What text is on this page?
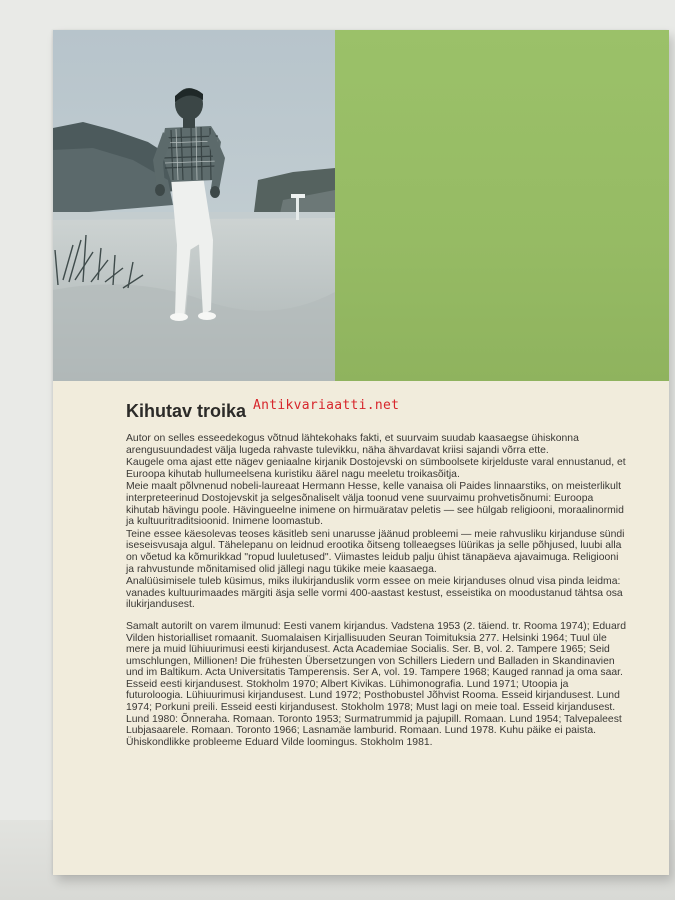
Kihutav troika Antikvariaatti.net

Autor on selles esseedekogus võtnud lähtekohaks fakti, et suurvaim suudab kaasaegse ühiskonna arengusuundadest välja lugeda rahvaste tulevikku, näha ähvardavat kriisi sajandi võrra ette.

Kaugele oma ajast ette nägev geniaalne kirjanik Dostojevski on sümboolsete kirjelduste varal ennustanud, et Euroopa kihutab hullumeelsena kuristiku äärel nagu meeletu troikasõitja.

Meie maalt põlvnenud nobeli-laureaat Hermann Hesse, kelle vanaisa oli Paides linnaarstiks, on meisterlikult interpreteerinud Dostojevskit ja selgesõnaliselt välja toonud vene suurvaimu prohvetisõnumi: Euroopa kihutab hävingu poole. Hävingueelne inimene on hirmuäratav peletis — see hülgab religiooni, moraalinormid ja kultuuritraditsioonid. Inimene loomastub.

Teine essee käesolevas teoses käsitleb seni unarusse jäänud probleemi — meie rahvusliku kirjanduse sündi iseseisvusaja algul. Tähelepanu on leidnud erootika õitseng tolleaegses lüürikas ja selle põhjused, luubi alla on võetud ka kõmurikkad "ropud luuletused". Viimastes leidub palju ühist tänapäeva ajavaimuga. Religiooni ja rahvustunde mõnitamised olid jällegi nagu tükike meie kaasaega.

Analüüsimisele tuleb küsimus, miks ilukirjanduslik vorm essee on meie kirjanduses olnud visa pinda leidma: vanades kultuurimaades märgiti äsja selle vormi 400-aastast kestust, esseistika on moodustanud tähtsa osa ilukirjandusest.

Samalt autorilt on varem ilmunud: Eesti vanem kirjandus. Vadstena 1953 (2. täiend. tr. Rooma 1974); Eduard Vilden historialliset romaanit. Suomalaisen Kirjallisuuden Seuran Toimituksia 277. Helsinki 1964; Tuul üle mere ja muid lühiuurimusi eesti kirjandusest. Acta Academiae Socialis. Ser. B, vol. 2. Tampere 1965; Seid umschlungen, Millionen! Die frühesten Übersetzungen von Schillers Liedern und Balladen in Skandinavien und im Baltikum. Acta Universitatis Tamperensis. Ser A, vol. 19. Tampere 1968; Kauged rannad ja oma saar. Esseid eesti kirjandusest. Stokholm 1970; Albert Kivikas. Lühimonografia. Lund 1971; Utoopia ja futuroloogia. Lühiuurimusi kirjandusest. Lund 1972; Posthobustel Jõhvist Rooma. Esseid kirjandusest. Lund 1974; Porkuni preili. Esseid eesti kirjandusest. Stokholm 1978; Must lagi on meie toal. Esseid kirjandusest. Lund 1980: Õnneraha. Romaan. Toronto 1953; Surmatrummid ja pajupill. Romaan. Lund 1954; Talvepaleest Lubjasaarele. Romaan. Toronto 1966; Lasnamäe lamburid. Romaan. Lund 1978. Kuhu päike ei paista. Ühiskondlikke probleeme Eduard Vilde loomingus. Stokholm 1981.
